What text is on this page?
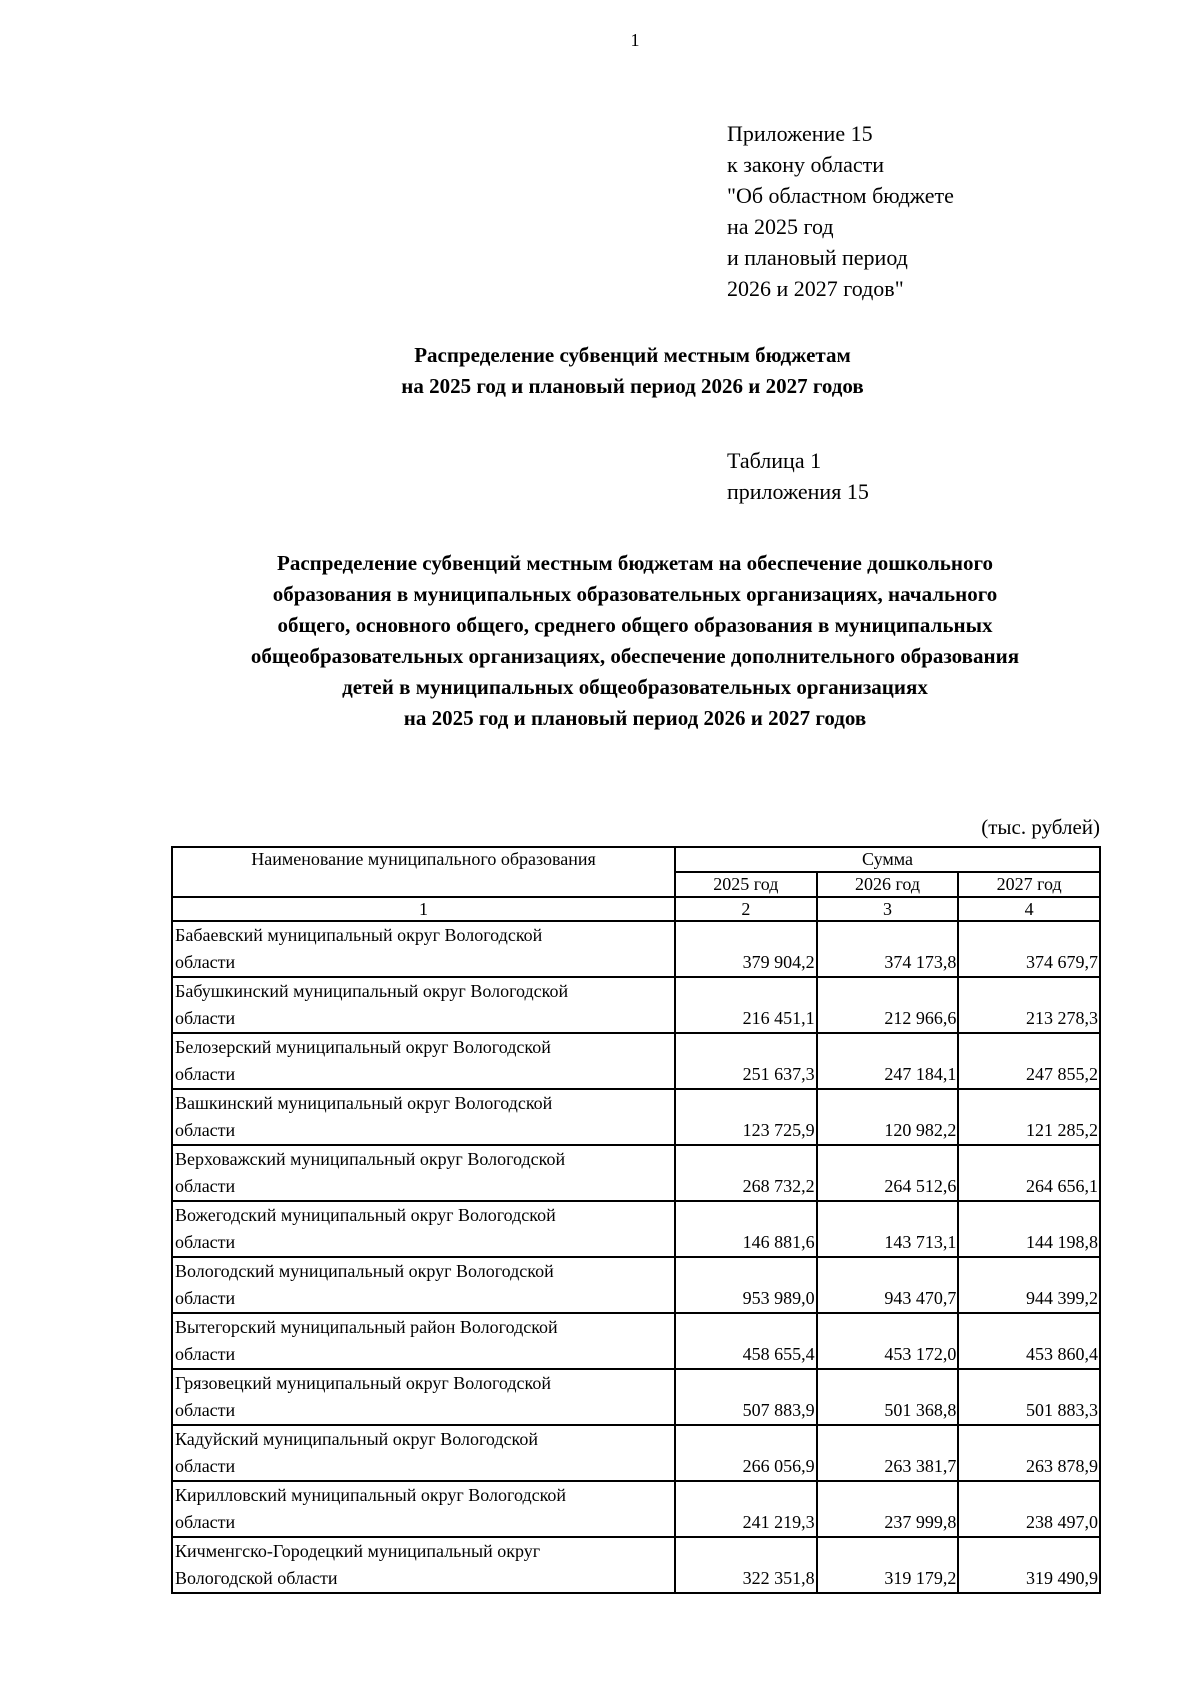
1
Приложение 15
к закону области
"Об областном бюджете
на 2025 год
и плановый период
2026 и 2027 годов"
Распределение субвенций местным бюджетам
на 2025 год и плановый период 2026 и 2027 годов
Таблица 1
приложения 15
Распределение субвенций местным бюджетам на обеспечение дошкольного
образования в муниципальных образовательных организациях, начального
общего, основного общего, среднего общего образования в муниципальных
общеобразовательных организациях, обеспечение дополнительного образования
детей в муниципальных общеобразовательных организациях
на 2025 год и плановый период 2026 и 2027 годов
(тыс. рублей)
Наименование муниципального образования	Сумма		
	2025 год	2026 год	2027 год
1	2	3	4

Бабаевский муниципальный округ Вологодской
области	379 904,2	374 173,8	374 679,7

Бабушкинский муниципальный округ Вологодской
области	216 451,1	212 966,6	213 278,3

Белозерский муниципальный округ Вологодской
области	251 637,3	247 184,1	247 855,2

Вашкинский муниципальный округ Вологодской
области	123 725,9	120 982,2	121 285,2

Верховажский муниципальный округ Вологодской
области	268 732,2	264 512,6	264 656,1

Вожегодский муниципальный округ Вологодской
области	146 881,6	143 713,1	144 198,8

Вологодский муниципальный округ Вологодской
области	953 989,0	943 470,7	944 399,2

Вытегорский муниципальный район Вологодской
области	458 655,4	453 172,0	453 860,4

Грязовецкий муниципальный округ Вологодской
области	507 883,9	501 368,8	501 883,3

Кадуйский муниципальный округ Вологодской
области	266 056,9	263 381,7	263 878,9

Кирилловский муниципальный округ Вологодской
области	241 219,3	237 999,8	238 497,0

Кичменгско-Городецкий муниципальный округ
Вологодской области	322 351,8	319 179,2	319 490,9
